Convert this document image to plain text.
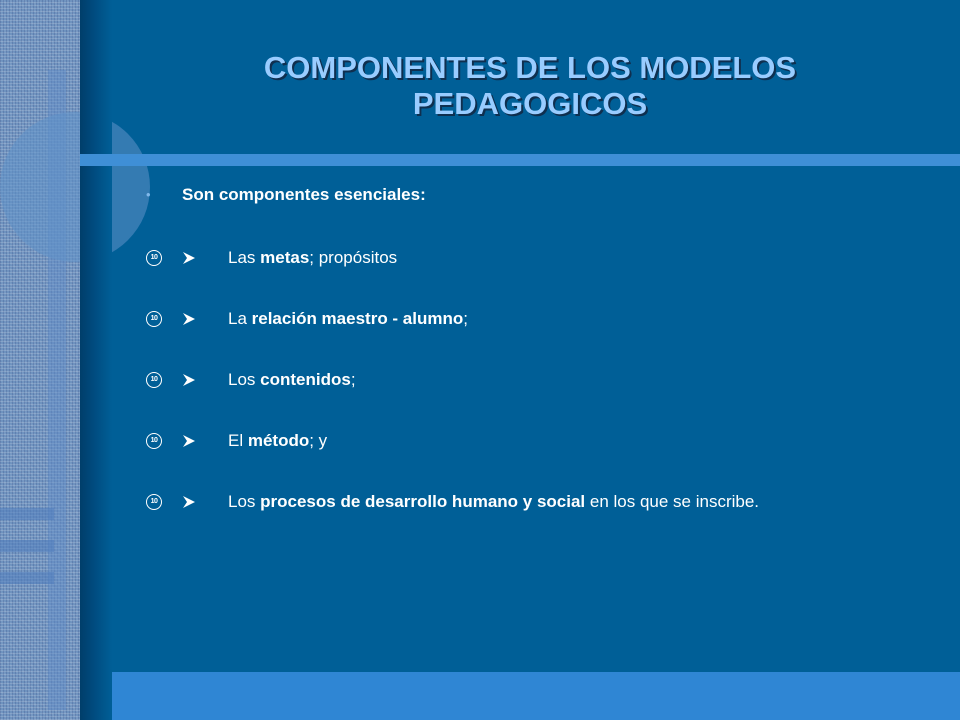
COMPONENTES DE LOS MODELOS
PEDAGOGICOS
• Son componentes esenciales:
10	Las metas; propósitos
10	La relación maestro - alumno;
10	Los contenidos;
10	El método; y
10	Los procesos de desarrollo humano y social en los que se inscribe.
